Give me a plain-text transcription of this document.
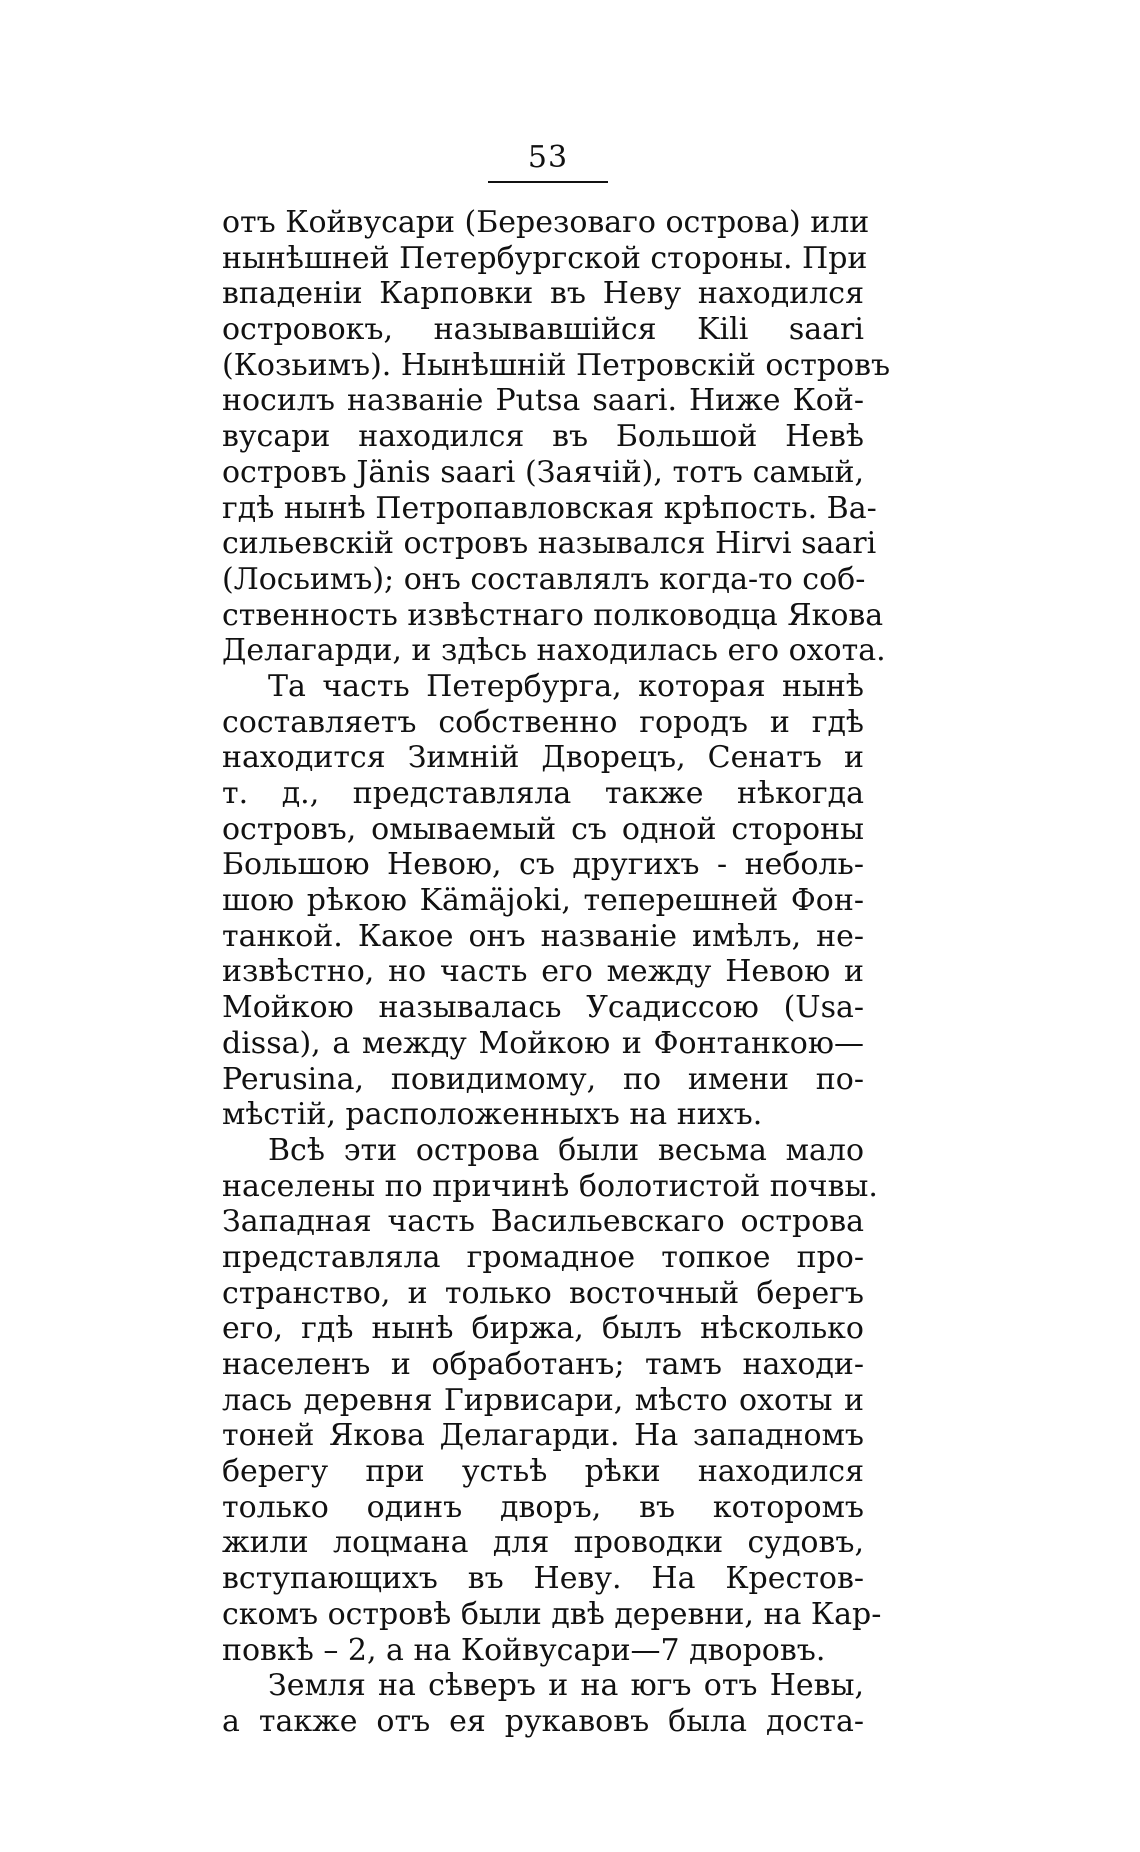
53
отъ Койвусари (Березоваго острова) или
нынѣшней Петербургской стороны. При
впаденіи Карповки въ Неву находился
островокъ, называвшійся Kili saari
(Козьимъ). Нынѣшній Петровскій островъ
носилъ названіе Putsa saari. Ниже Кой-
вусари находился въ Большой Невѣ
островъ Jänis saari (Заячій), тотъ самый,
гдѣ нынѣ Петропавловская крѣпость. Ва-
сильевскій островъ назывался Hirvi saari
(Лосьимъ); онъ составлялъ когда-то соб-
ственность извѣстнаго полководца Якова
Делагарди, и здѣсь находилась его охота.
Та часть Петербурга, которая нынѣ
составляетъ собственно городъ и гдѣ
находится Зимній Дворецъ, Сенатъ и
т. д., представляла также нѣкогда
островъ, омываемый съ одной стороны
Большою Невою, съ другихъ - неболь-
шою рѣкою Kämäjoki, теперешней Фон-
танкой. Какое онъ названіе имѣлъ, не-
извѣстно, но часть его между Невою и
Мойкою называлась Усадиссою (Usa-
dissa), а между Мойкою и Фонтанкою—
Perusina, повидимому, по имени по-
мѣстій, расположенныхъ на нихъ.
Всѣ эти острова были весьма мало
населены по причинѣ болотистой почвы.
Западная часть Васильевскаго острова
представляла громадное топкое про-
странство, и только восточный берегъ
его, гдѣ нынѣ биржа, былъ нѣсколько
населенъ и обработанъ; тамъ находи-
лась деревня Гирвисари, мѣсто охоты и
тоней Якова Делагарди. На западномъ
берегу при устьѣ рѣки находился
только одинъ дворъ, въ которомъ
жили лоцмана для проводки судовъ,
вступающихъ въ Неву. На Крестов-
скомъ островѣ были двѣ деревни, на Кар-
повкѣ – 2, а на Койвусари—7 дворовъ.
Земля на сѣверъ и на югъ отъ Невы,
а также отъ ея рукавовъ была доста-
